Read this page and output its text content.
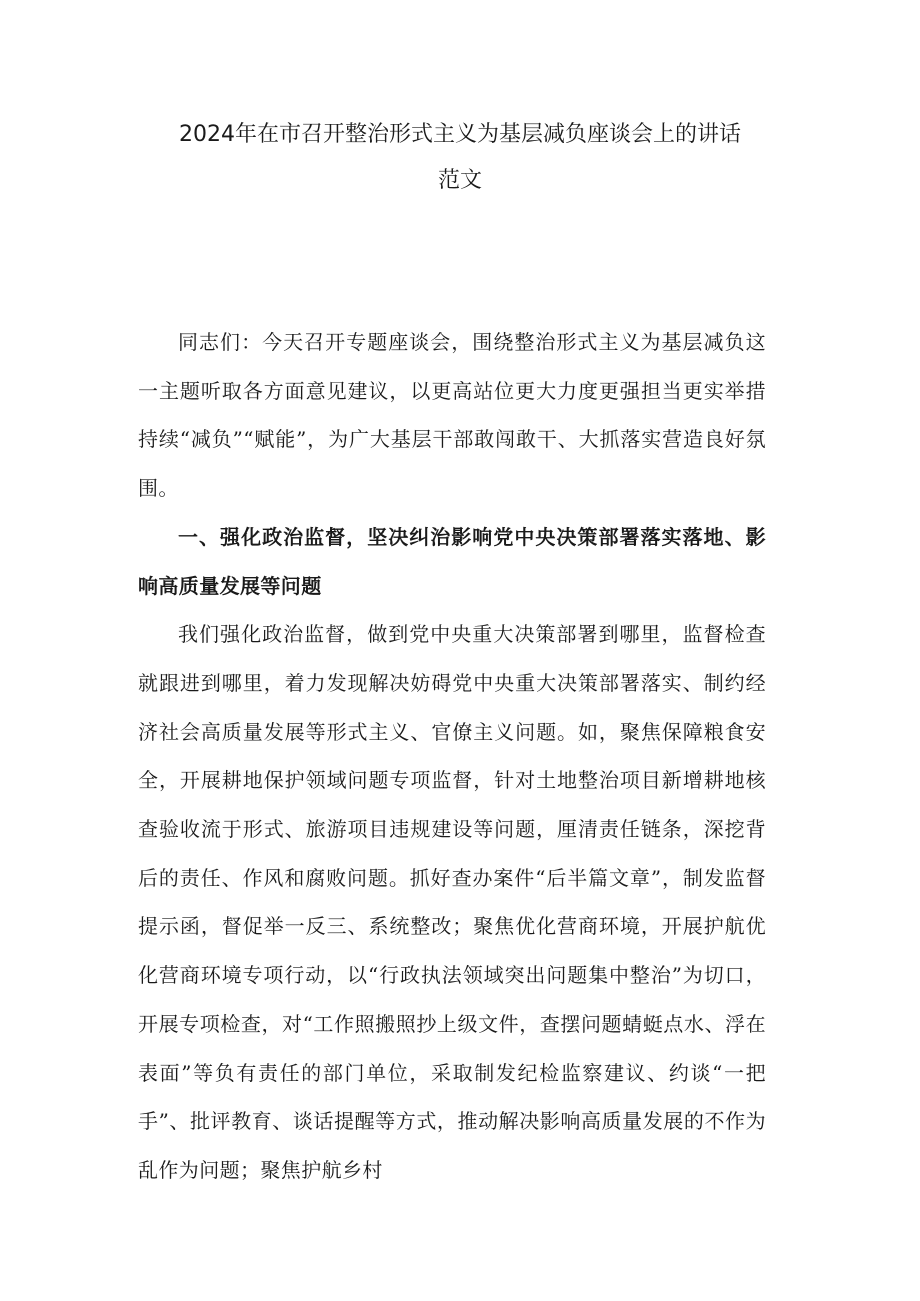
2024年在市召开整治形式主义为基层减负座谈会上的讲话
范文

同志们：今天召开专题座谈会，围绕整治形式主义为基层减负这一主题听取各方面意见建议，以更高站位更大力度更强担当更实举措持续“减负”“赋能”，为广大基层干部敢闯敢干、大抓落实营造良好氛围。

一、强化政治监督，坚决纠治影响党中央决策部署落实落地、影响高质量发展等问题

我们强化政治监督，做到党中央重大决策部署到哪里，监督检查就跟进到哪里，着力发现解决妨碍党中央重大决策部署落实、制约经济社会高质量发展等形式主义、官僚主义问题。如，聚焦保障粮食安全，开展耕地保护领域问题专项监督，针对土地整治项目新增耕地核查验收流于形式、旅游项目违规建设等问题，厘清责任链条，深挖背后的责任、作风和腐败问题。抓好查办案件“后半篇文章”，制发监督提示函，督促举一反三、系统整改；聚焦优化营商环境，开展护航优化营商环境专项行动，以“行政执法领域突出问题集中整治”为切口，开展专项检查，对“工作照搬照抄上级文件，查摆问题蜻蜓点水、浮在表面”等负有责任的部门单位，采取制发纪检监察建议、约谈“一把手”、批评教育、谈话提醒等方式，推动解决影响高质量发展的不作为乱作为问题；聚焦护航乡村
